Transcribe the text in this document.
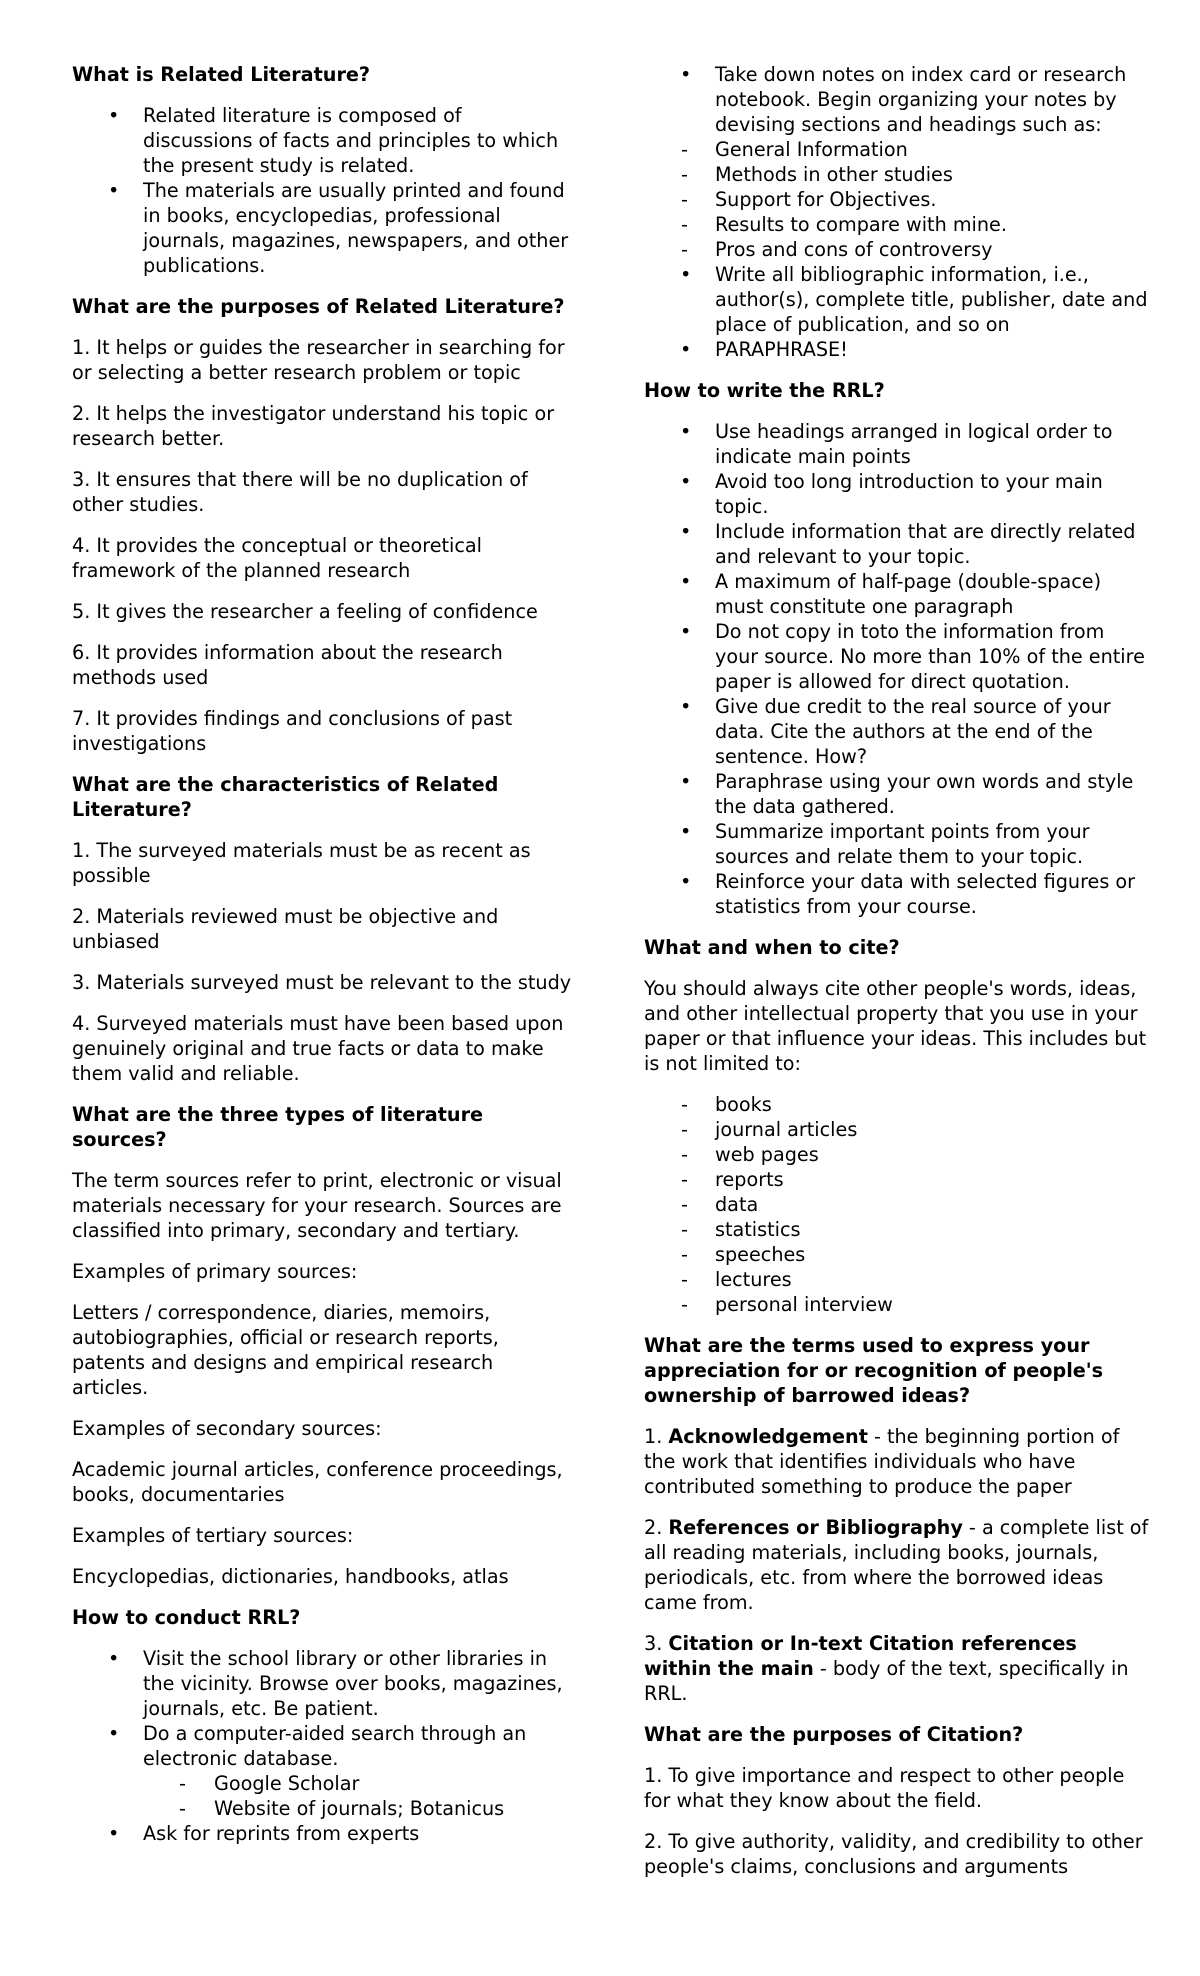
What is Related Literature?
• Related literature is composed of discussions of facts and principles to which the present study is related.
• The materials are usually printed and found in books, encyclopedias, professional journals, magazines, newspapers, and other publications.
What are the purposes of Related Literature?

1. It helps or guides the researcher in searching for or selecting a better research problem or topic

2. It helps the investigator understand his topic or research better.

3. It ensures that there will be no duplication of other studies.

4. It provides the conceptual or theoretical framework of the planned research

5. It gives the researcher a feeling of confidence

6. It provides information about the research methods used

7. It provides findings and conclusions of past investigations

What are the characteristics of Related Literature?

1. The surveyed materials must be as recent as possible

2. Materials reviewed must be objective and unbiased

3. Materials surveyed must be relevant to the study

4. Surveyed materials must have been based upon genuinely original and true facts or data to make them valid and reliable.

What are the three types of literature sources?

The term sources refer to print, electronic or visual materials necessary for your research. Sources are classified into primary, secondary and tertiary.

Examples of primary sources:

Letters / correspondence, diaries, memoirs, autobiographies, official or research reports, patents and designs and empirical research articles.

Examples of secondary sources:

Academic journal articles, conference proceedings, books, documentaries

Examples of tertiary sources:

Encyclopedias, dictionaries, handbooks, atlas

How to conduct RRL?
• Visit the school library or other libraries in the vicinity. Browse over books, magazines, journals, etc. Be patient.
• Do a computer-aided search through an electronic database.
- Google Scholar
- Website of journals; Botanicus
• Ask for reprints from experts
• Take down notes on index card or research notebook. Begin organizing your notes by devising sections and headings such as:
- General Information
- Methods in other studies
- Support for Objectives.
- Results to compare with mine.
- Pros and cons of controversy
• Write all bibliographic information, i.e., author(s), complete title, publisher, date and place of publication, and so on
• PARAPHRASE!
How to write the RRL?
• Use headings arranged in logical order to indicate main points
• Avoid too long introduction to your main topic.
• Include information that are directly related and relevant to your topic.
• A maximum of half-page (double-space) must constitute one paragraph
• Do not copy in toto the information from your source. No more than 10% of the entire paper is allowed for direct quotation.
• Give due credit to the real source of your data. Cite the authors at the end of the sentence. How?
• Paraphrase using your own words and style the data gathered.
• Summarize important points from your sources and relate them to your topic.
• Reinforce your data with selected figures or statistics from your course.
What and when to cite?

You should always cite other people's words, ideas, and other intellectual property that you use in your paper or that influence your ideas. This includes but is not limited to:

- books
- journal articles
- web pages
- reports
- data
- statistics
- speeches
- lectures
- personal interview
What are the terms used to express your appreciation for or recognition of people's ownership of barrowed ideas?

1. Acknowledgement - the beginning portion of the work that identifies individuals who have contributed something to produce the paper

2. References or Bibliography - a complete list of all reading materials, including books, journals, periodicals, etc. from where the borrowed ideas came from.

3. Citation or In-text Citation references within the main - body of the text, specifically in RRL.

What are the purposes of Citation?

1. To give importance and respect to other people for what they know about the field.

2. To give authority, validity, and credibility to other people's claims, conclusions and arguments
